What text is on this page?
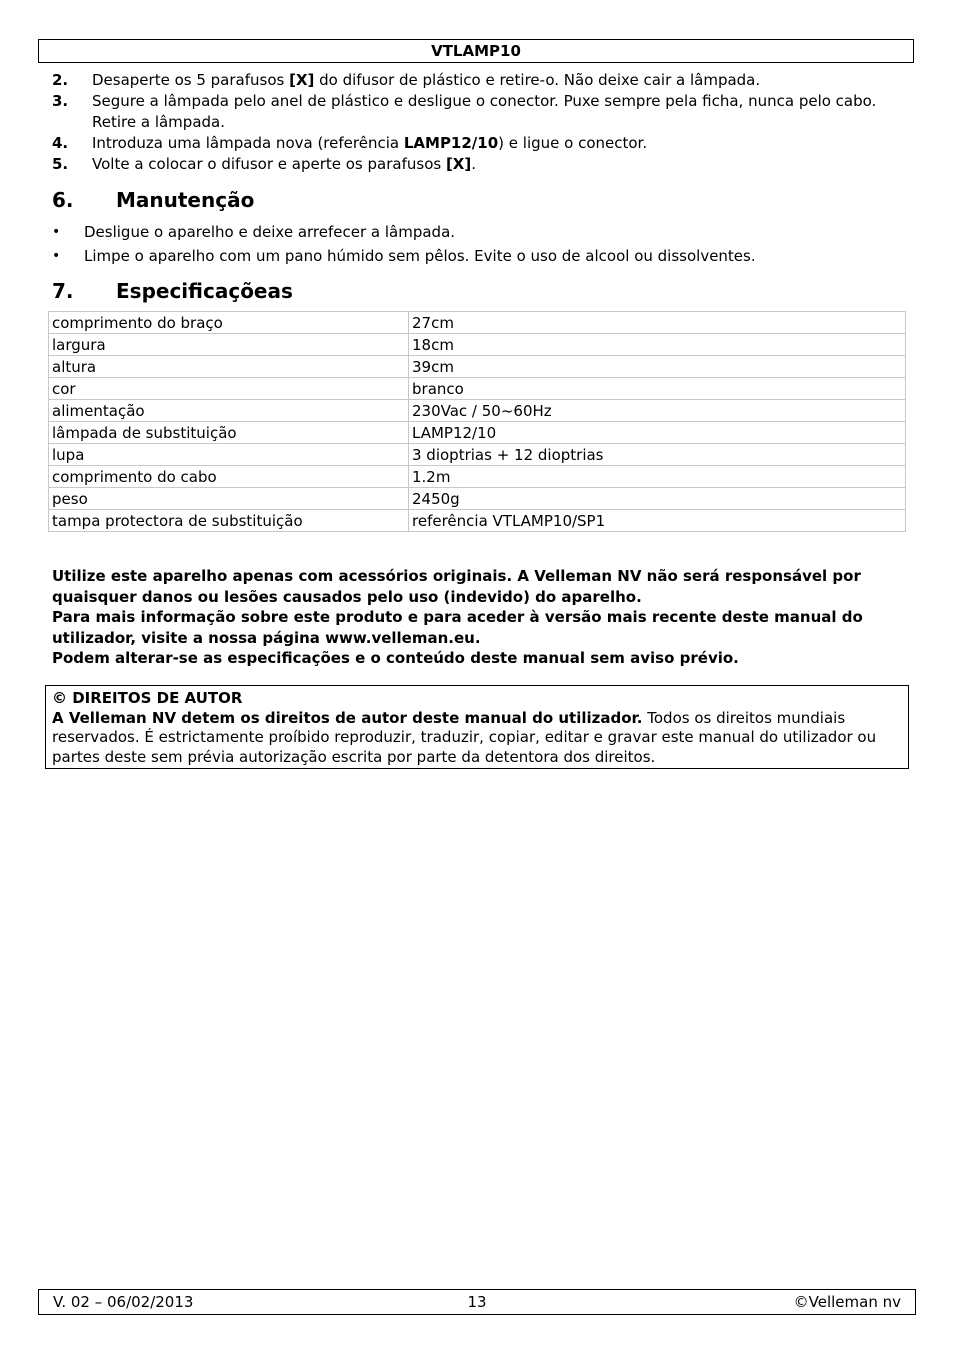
VTLAMP10
2.	Desaperte os 5 parafusos [X] do difusor de plástico e retire-o. Não deixe cair a lâmpada.
3.	Segure a lâmpada pelo anel de plástico e desligue o conector. Puxe sempre pela ficha, nunca pelo cabo. Retire a lâmpada.
4.	Introduza uma lâmpada nova (referência LAMP12/10) e ligue o conector.
5.	Volte a colocar o difusor e aperte os parafusos [X].
6.	Manutenção
•	Desligue o aparelho e deixe arrefecer a lâmpada.
•	Limpe o aparelho com um pano húmido sem pêlos. Evite o uso de alcool ou dissolventes.
7.	Especificaçõeas
comprimento do braço	27cm
largura	18cm
altura	39cm
cor	branco
alimentação	230Vac / 50~60Hz
lâmpada de substituição	LAMP12/10
lupa	3 dioptrias + 12 dioptrias
comprimento do cabo	1.2m
peso	2450g
tampa protectora de substituição	referência VTLAMP10/SP1
Utilize este aparelho apenas com acessórios originais. A Velleman NV não será responsável por quaisquer danos ou lesões causados pelo uso (indevido) do aparelho.
Para mais informação sobre este produto e para aceder à versão mais recente deste manual do utilizador, visite a nossa página www.velleman.eu.
Podem alterar-se as especificações e o conteúdo deste manual sem aviso prévio.
© DIREITOS DE AUTOR
A Velleman NV detem os direitos de autor deste manual do utilizador. Todos os direitos mundiais reservados. É estrictamente proíbido reproduzir, traduzir, copiar, editar e gravar este manual do utilizador ou partes deste sem prévia autorização escrita por parte da detentora dos direitos.
V. 02 – 06/02/2013	13	©Velleman nv
